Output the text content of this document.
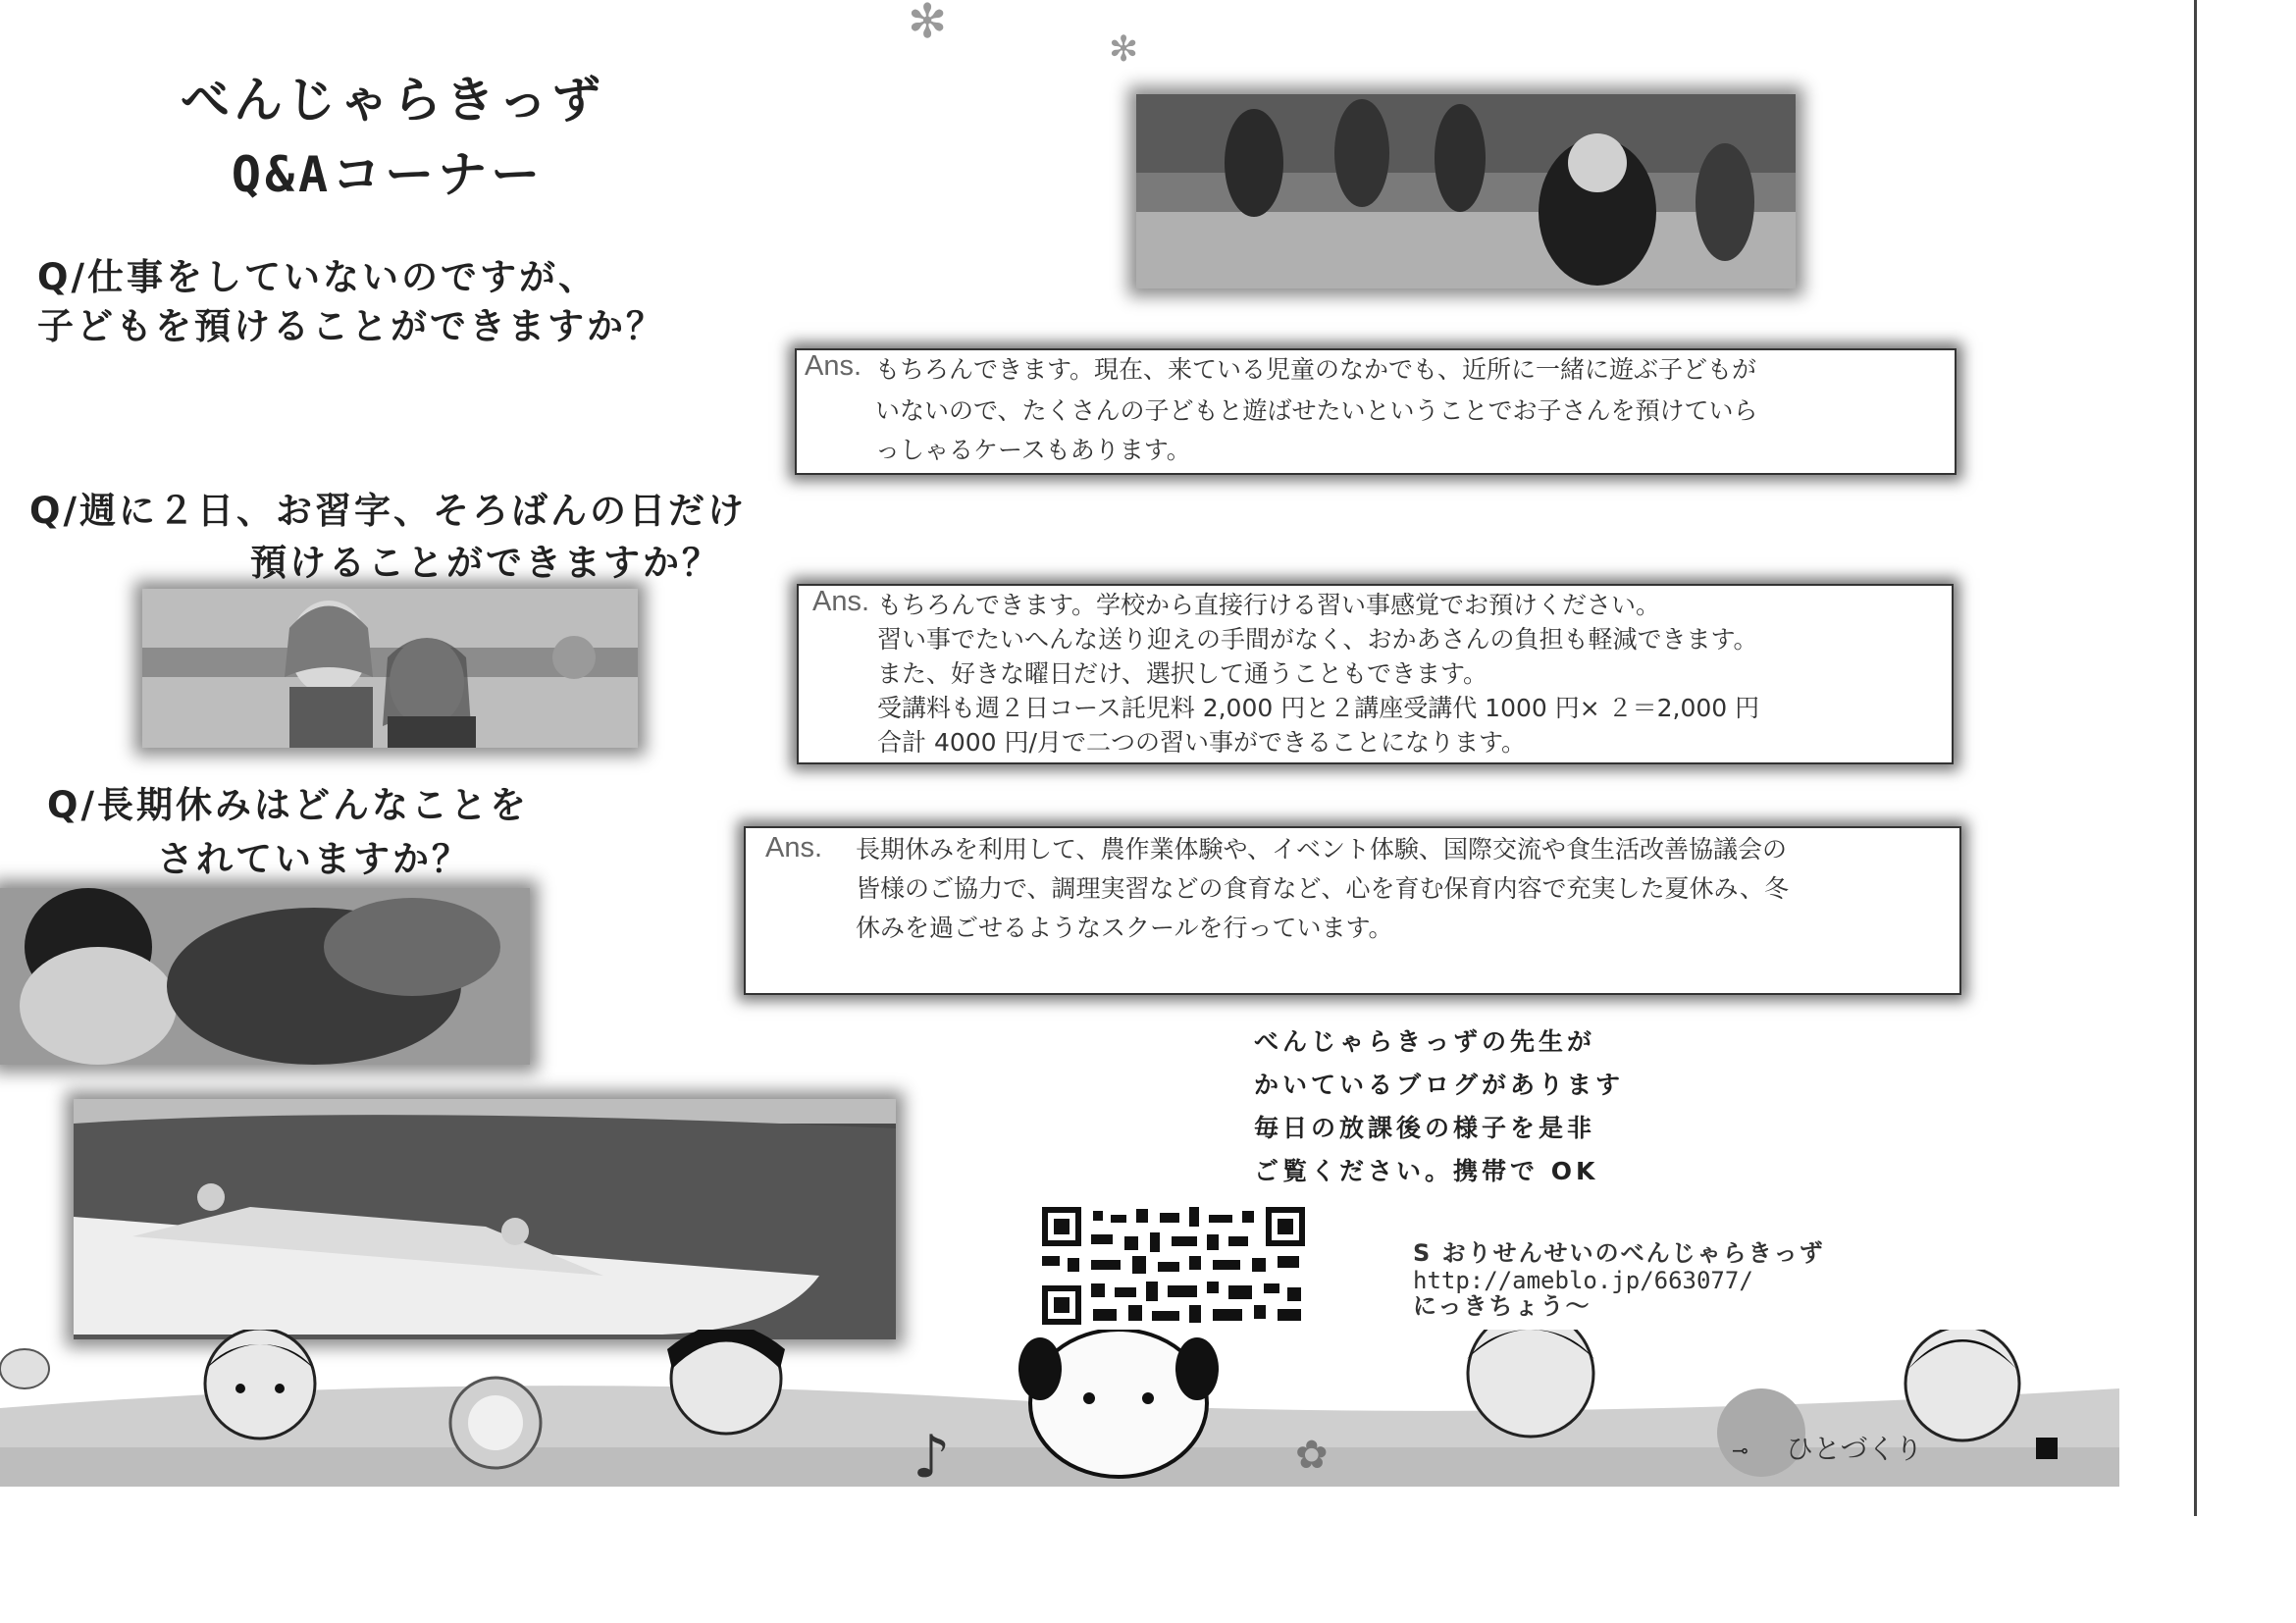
✻
✻
べんじゃらきっず
Q&Aコーナー
Q/仕事をしていないのですが、
子どもを預けることができますか？
Ans. もちろんできます。現在、来ている児童のなかでも、近所に一緒に遊ぶ子どもが
いないので、たくさんの子どもと遊ばせたいということでお子さんを預けていら
っしゃるケースもあります。
Q/週に２日、お習字、そろばんの日だけ
預けることができますか？
Ans. もちろんできます。学校から直接行ける習い事感覚でお預けください。
習い事でたいへんな送り迎えの手間がなく、おかあさんの負担も軽減できます。
また、好きな曜日だけ、選択して通うこともできます。
受講料も週２日コース託児料 2,000 円と２講座受講代 1000 円× ２＝2,000 円
合計 4000 円/月で二つの習い事ができることになります。
Q/長期休みはどんなことを
されていますか？	Ans. 長期休みを利用して、農作業体験や、イベント体験、国際交流や食生活改善協議会の
皆様のご協力で、調理実習などの食育など、心を育む保育内容で充実した夏休み、冬
休みを過ごせるようなスクールを行っています。
べんじゃらきっずの先生が
かいているブログがあります
毎日の放課後の様子を是非
ご覧ください。携帯で OK
S おりせんせいのべんじゃらきっず
http://ameblo.jp/663077/
にっきちょう〜
♪	✿	⊸ ひとづくり
